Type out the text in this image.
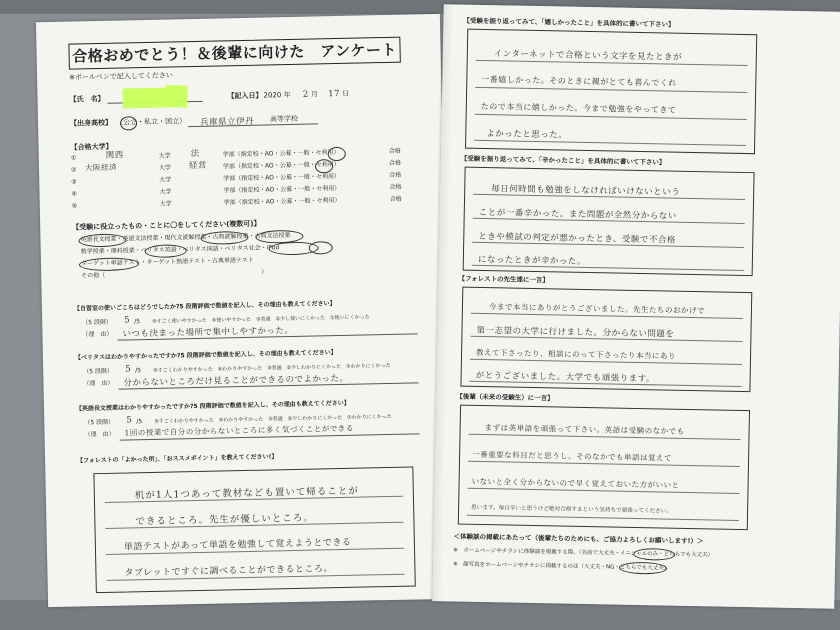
合格おめでとう！＆後輩に向けた　アンケート
※ボールペンで記入してください
【氏　名】	【記入日】 2020 年 2 月 17 日
【出身高校】 （公立・私立・国立） 兵庫県立伊丹 高等学校
【合格大学】
①	関西	大学 法	学部（指定校・AO・公募・一般・セ利用）	合格
② 大阪経済	大学 経営	学部（指定校・AO・公募・一般・セ利用）	合格
③	大学	学部（指定校・AO・公募・一般・セ利用）	合格
④	大学	学部（指定校・AO・公募・一般・セ利用）	合格
⑤	大学	学部（指定校・AO・公募・一般・セ利用）	合格
【受験に役立ったもの・ことに〇をしてください(複数可)】
英語長文授業・英語文法授業・現代文読解授業・古典読解授業・古典文法授業
数学授業・理科授業・ベリタス英語・ベリタス国語・ベリタス社会・iPod
ターゲット単語テスト・ターゲット熟語テスト・古典単語テスト
その他（　　　　　　　　　　　　　　　　　　　　　　　　　　）
【自習室の使いごこちはどうでしたか?5 段階評価で数値を記入し、その理由も教えてください】
（5 段階） 5 /5 ⑤すごく使いやすかった　④使いやすかった　③普通　②少し使いにくかった　①使いにくかった
（理　由） いつも決まった場所で集中しやすかった。
【ベリタスはわかりやすかったですか?5 段階評価で数値を記入し、その理由も教えてください】
（5 段階） 5 /5 ⑤すごくわかりやすかった　④わかりやすかった　③普通　②少しわかりにくかった　①わかりにくかった
（理　由） 分からないところだけ見ることができるのでよかった。
【英語長文授業はわかりやすかったですか?5 段階評価で数値を記入し、その理由も教えてください】
（5 段階） 5 /5 ⑤すごくわかりやすかった　④わかりやすかった　③普通　②少しわかりにくかった　①わかりにくかった
（理　由） 1回の授業で自分の分からないところに多く気づくことができる
【フォレストの「よかった所」、「おススメポイント」を教えてください!】
机が1人1つあって教材なども置いて帰ることが
できるところ。先生が優しいところ。
単語テストがあって単語を勉強して覚えようとできる
タブレットですぐに調べることができるところ。
【受験を振り返ってみて、「嬉しかったこと」を具体的に書いて下さい】
インターネットで合格という文字を見たときが
一番嬉しかった。そのときに親がとても喜んでくれ
たので本当に嬉しかった。今まで勉強をやってきて
よかったと思った。
【受験を振り返ってみて、「辛かったこと」を具体的に書いて下さい】
毎日何時間も勉強をしなければいけないという
ことが一番辛かった。また問題が全然分からない
ときや模試の判定が悪かったとき、受験で不合格
になったときが辛かった。
【フォレストの先生達に一言】
今まで本当にありがとうございました。先生たちのおかげで
第一志望の大学に行けました。分からない問題を
教えて下さったり、相談にのって下さったり本当にあり
がとうございました。大学でも頑張ります。
【後輩（未来の受験生）に一言】
まずは英単語を頑張って下さい。英語は受験のなかでも
一番重要な科目だと思うし、そのなかでも単語は覚えて
いないと全く分からないので早く覚えておいた方がいいと
思います。毎日辛いと思うけど絶対合格するという気持ちで頑張ってください。
＜体験談の掲載にあたって（後輩たちのためにも、ご協力よろしくお願いします!）＞
※　ホームページやチラシに体験談を掲載する際、（名前で大丈夫・イニシャルのみ・どちらでも大丈夫）
※　顔写真をホームページやチラシに掲載するのは（大丈夫・NG・どちらでも大丈夫）
